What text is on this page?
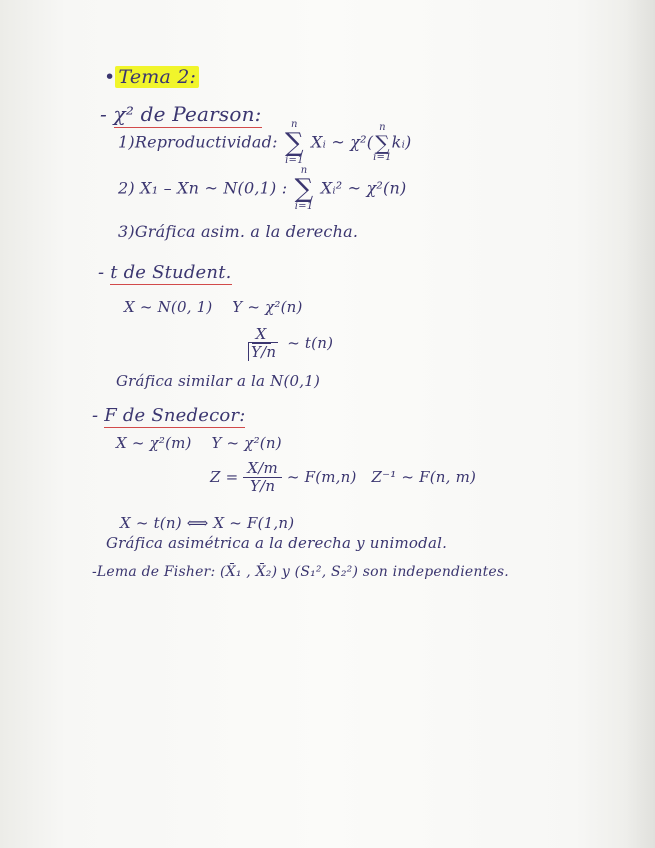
• Tema 2:
- χ² de Pearson:
1)Reproductividad: ∑
n
i=1
Xᵢ ~ χ²( ∑
n
i=1
kᵢ)
2) X₁ – Xn ~ N(0,1) : ∑
n
i=1
Xᵢ² ~ χ²(n)
3)Gráfica asim. a la derecha.
- t de Student.
X ~ N(0, 1)    Y ~ χ²(n)
$\frac{X}{Y/n}$ ~ t(n)
Gráfica similar a la N(0,1)
- F de Snedecor:
X ~ χ²(m)    Y ~ χ²(n)
$Z = \frac{X/m}{Y/n}$ ~ F(m,n)   Z⁻¹ ~ F(n, m)
X ~ t(n) ⟺ X ~ F(1,n)
Gráfica asimétrica a la derecha y unimodal.
-Lema de Fisher: (X̄₁ , X̄₂) y (S₁², S₂²) son independientes.
